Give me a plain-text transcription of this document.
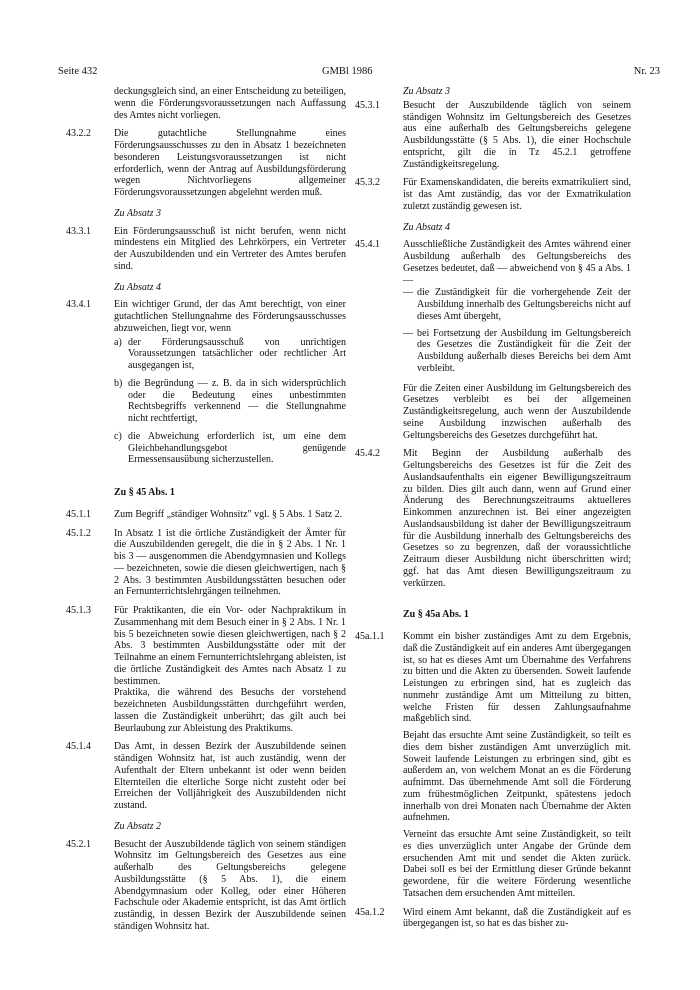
Seite 432	GMBl 1986	Nr. 23

deckungsgleich sind, an einer Entscheidung zu beteiligen, wenn die Förderungsvoraussetzungen nach Auffassung des Amtes nicht vorliegen.

43.2.2	Die gutachtliche Stellungnahme eines Förderungsausschusses zu den in Absatz 1 bezeichneten besonderen Leistungsvoraussetzungen ist nicht erforderlich, wenn der Antrag auf Ausbildungsförderung wegen Nichtvorliegens allgemeiner Förderungsvoraussetzungen abgelehnt werden muß.

Zu Absatz 3

43.3.1	Ein Förderungsausschuß ist nicht berufen, wenn nicht mindestens ein Mitglied des Lehrkörpers, ein Vertreter der Auszubildenden und ein Vertreter des Amtes berufen sind.

Zu Absatz 4

43.4.1	Ein wichtiger Grund, der das Amt berechtigt, von einer gutachtlichen Stellungnahme des Förderungsausschusses abzuweichen, liegt vor, wenn

a) der Förderungsausschuß von unrichtigen Voraussetzungen tatsächlicher oder rechtlicher Art ausgegangen ist,

b) die Begründung — z. B. da in sich widersprüchlich oder die Bedeutung eines unbestimmten Rechtsbegriffs verkennend — die Stellungnahme nicht rechtfertigt,

c) die Abweichung erforderlich ist, um eine dem Gleichbehandlungsgebot genügende Ermessensausübung sicherzustellen.

Zu § 45 Abs. 1

45.1.1	Zum Begriff „ständiger Wohnsitz" vgl. § 5 Abs. 1 Satz 2.

45.1.2	In Absatz 1 ist die örtliche Zuständigkeit der Ämter für die Auszubildenden geregelt, die die in § 2 Abs. 1 Nr. 1 bis 3 — ausgenommen die Abendgymnasien und Kollegs — bezeichneten, sowie die diesen gleichwertigen, nach § 2 Abs. 3 bestimmten Ausbildungsstätten besuchen oder an Fernunterrichtslehrgängen teilnehmen.

45.1.3	Für Praktikanten, die ein Vor- oder Nachpraktikum in Zusammenhang mit dem Besuch einer in § 2 Abs. 1 Nr. 1 bis 5 bezeichneten sowie diesen gleichwertigen, nach § 2 Abs. 3 bestimmten Ausbildungsstätte oder mit der Teilnahme an einem Fernunterrichtslehrgang ableisten, ist die örtliche Zuständigkeit des Amtes nach Absatz 1 zu bestimmen.

Praktika, die während des Besuchs der vorstehend bezeichneten Ausbildungsstätten durchgeführt werden, lassen die Zuständigkeit unberührt; das gilt auch bei Beurlaubung zur Ableistung des Praktikums.

45.1.4	Das Amt, in dessen Bezirk der Auszubildende seinen ständigen Wohnsitz hat, ist auch zuständig, wenn der Aufenthalt der Eltern unbekannt ist oder wenn beiden Elternteilen die elterliche Sorge nicht zusteht oder bei Erreichen der Volljährigkeit des Auszubildenden nicht zustand.

Zu Absatz 2

45.2.1	Besucht der Auszubildende täglich von seinem ständigen Wohnsitz im Geltungsbereich des Gesetzes aus eine außerhalb des Geltungsbereichs gelegene Ausbildungsstätte (§ 5 Abs. 1), die einem Abendgymnasium oder Kolleg, oder einer Höheren Fachschule oder Akademie entspricht, ist das Amt örtlich zuständig, in dessen Bezirk der Auszubildende seinen ständigen Wohnsitz hat.

Zu Absatz 3

45.3.1	Besucht der Auszubildende täglich von seinem ständigen Wohnsitz im Geltungsbereich des Gesetzes aus eine außerhalb des Geltungsbereichs gelegene Ausbildungsstätte (§ 5 Abs. 1), die einer Hochschule entspricht, gilt die in Tz 45.2.1 getroffene Zuständigkeitsregelung.

45.3.2	Für Examenskandidaten, die bereits exmatrikuliert sind, ist das Amt zuständig, das vor der Exmatrikulation zuletzt zuständig gewesen ist.

Zu Absatz 4

45.4.1	Ausschließliche Zuständigkeit des Amtes während einer Ausbildung außerhalb des Geltungsbereichs des Gesetzes bedeutet, daß — abweichend von § 45 a Abs. 1 —

— die Zuständigkeit für die vorhergehende Zeit der Ausbildung innerhalb des Geltungsbereichs nicht auf dieses Amt übergeht,

— bei Fortsetzung der Ausbildung im Geltungsbereich des Gesetzes die Zuständigkeit für die Zeit der Ausbildung außerhalb dieses Bereichs bei dem Amt verbleibt.

Für die Zeiten einer Ausbildung im Geltungsbereich des Gesetzes verbleibt es bei der allgemeinen Zuständigkeitsregelung, auch wenn der Auszubildende seine Ausbildung inzwischen außerhalb des Geltungsbereichs des Gesetzes durchgeführt hat.

45.4.2	Mit Beginn der Ausbildung außerhalb des Geltungsbereichs des Gesetzes ist für die Zeit des Auslandsaufenthalts ein eigener Bewilligungszeitraum zu bilden. Dies gilt auch dann, wenn auf Grund einer Änderung des Berechnungszeitraums aktuelleres Einkommen anzurechnen ist. Bei einer angezeigten Auslandsausbildung ist daher der Bewilligungszeitraum für die Ausbildung innerhalb des Geltungsbereichs des Gesetzes so zu begrenzen, daß der voraussichtliche Zeitraum dieser Ausbildung nicht überschritten wird; ggf. hat das Amt diesen Bewilligungszeitraum zu verkürzen.

Zu § 45a Abs. 1

45a.1.1	Kommt ein bisher zuständiges Amt zu dem Ergebnis, daß die Zuständigkeit auf ein anderes Amt übergegangen ist, so hat es dieses Amt um Übernahme des Verfahrens zu bitten und die Akten zu übersenden. Soweit laufende Leistungen zu erbringen sind, hat es zugleich das nunmehr zuständige Amt um Mitteilung zu bitten, welche Fristen für dessen Zahlungsaufnahme maßgeblich sind.

Bejaht das ersuchte Amt seine Zuständigkeit, so teilt es dies dem bisher zuständigen Amt unverzüglich mit. Soweit laufende Leistungen zu erbringen sind, gibt es außerdem an, von welchem Monat an es die Förderung aufnimmt. Das übernehmende Amt soll die Förderung zum frühestmöglichen Zeitpunkt, spätestens jedoch innerhalb von drei Monaten nach Übernahme der Akten aufnehmen.

Verneint das ersuchte Amt seine Zuständigkeit, so teilt es dies unverzüglich unter Angabe der Gründe dem ersuchenden Amt mit und sendet die Akten zurück. Dabei soll es bei der Ermittlung dieser Gründe bekannt gewordene, für die weitere Förderung wesentliche Tatsachen dem ersuchenden Amt mitteilen.

45a.1.2	Wird einem Amt bekannt, daß die Zuständigkeit auf es übergegangen ist, so hat es das bisher zu-
